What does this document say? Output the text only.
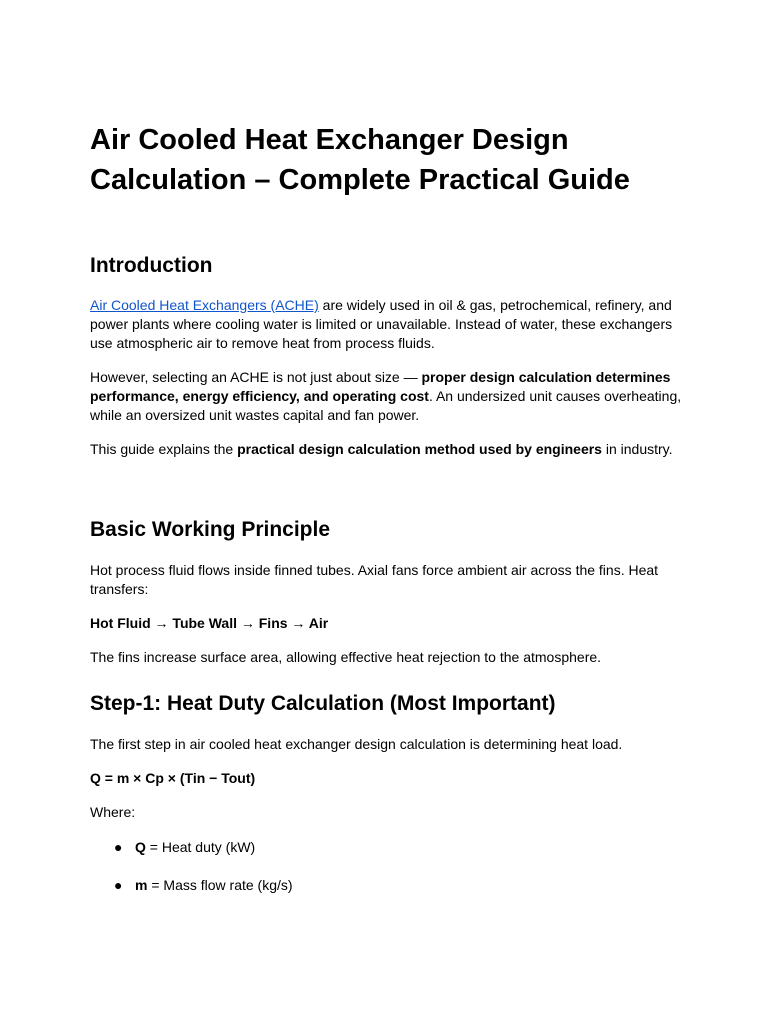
Air Cooled Heat Exchanger Design Calculation – Complete Practical Guide
Introduction

Air Cooled Heat Exchangers (ACHE) are widely used in oil & gas, petrochemical, refinery, and power plants where cooling water is limited or unavailable. Instead of water, these exchangers use atmospheric air to remove heat from process fluids.

However, selecting an ACHE is not just about size — proper design calculation determines performance, energy efficiency, and operating cost. An undersized unit causes overheating, while an oversized unit wastes capital and fan power.

This guide explains the practical design calculation method used by engineers in industry.

Basic Working Principle

Hot process fluid flows inside finned tubes. Axial fans force ambient air across the fins. Heat transfers:

Hot Fluid → Tube Wall → Fins → Air

The fins increase surface area, allowing effective heat rejection to the atmosphere.

Step-1: Heat Duty Calculation (Most Important)

The first step in air cooled heat exchanger design calculation is determining heat load.

Q = m × Cp × (Tin − Tout)

Where:

● Q = Heat duty (kW)
● m = Mass flow rate (kg/s)
